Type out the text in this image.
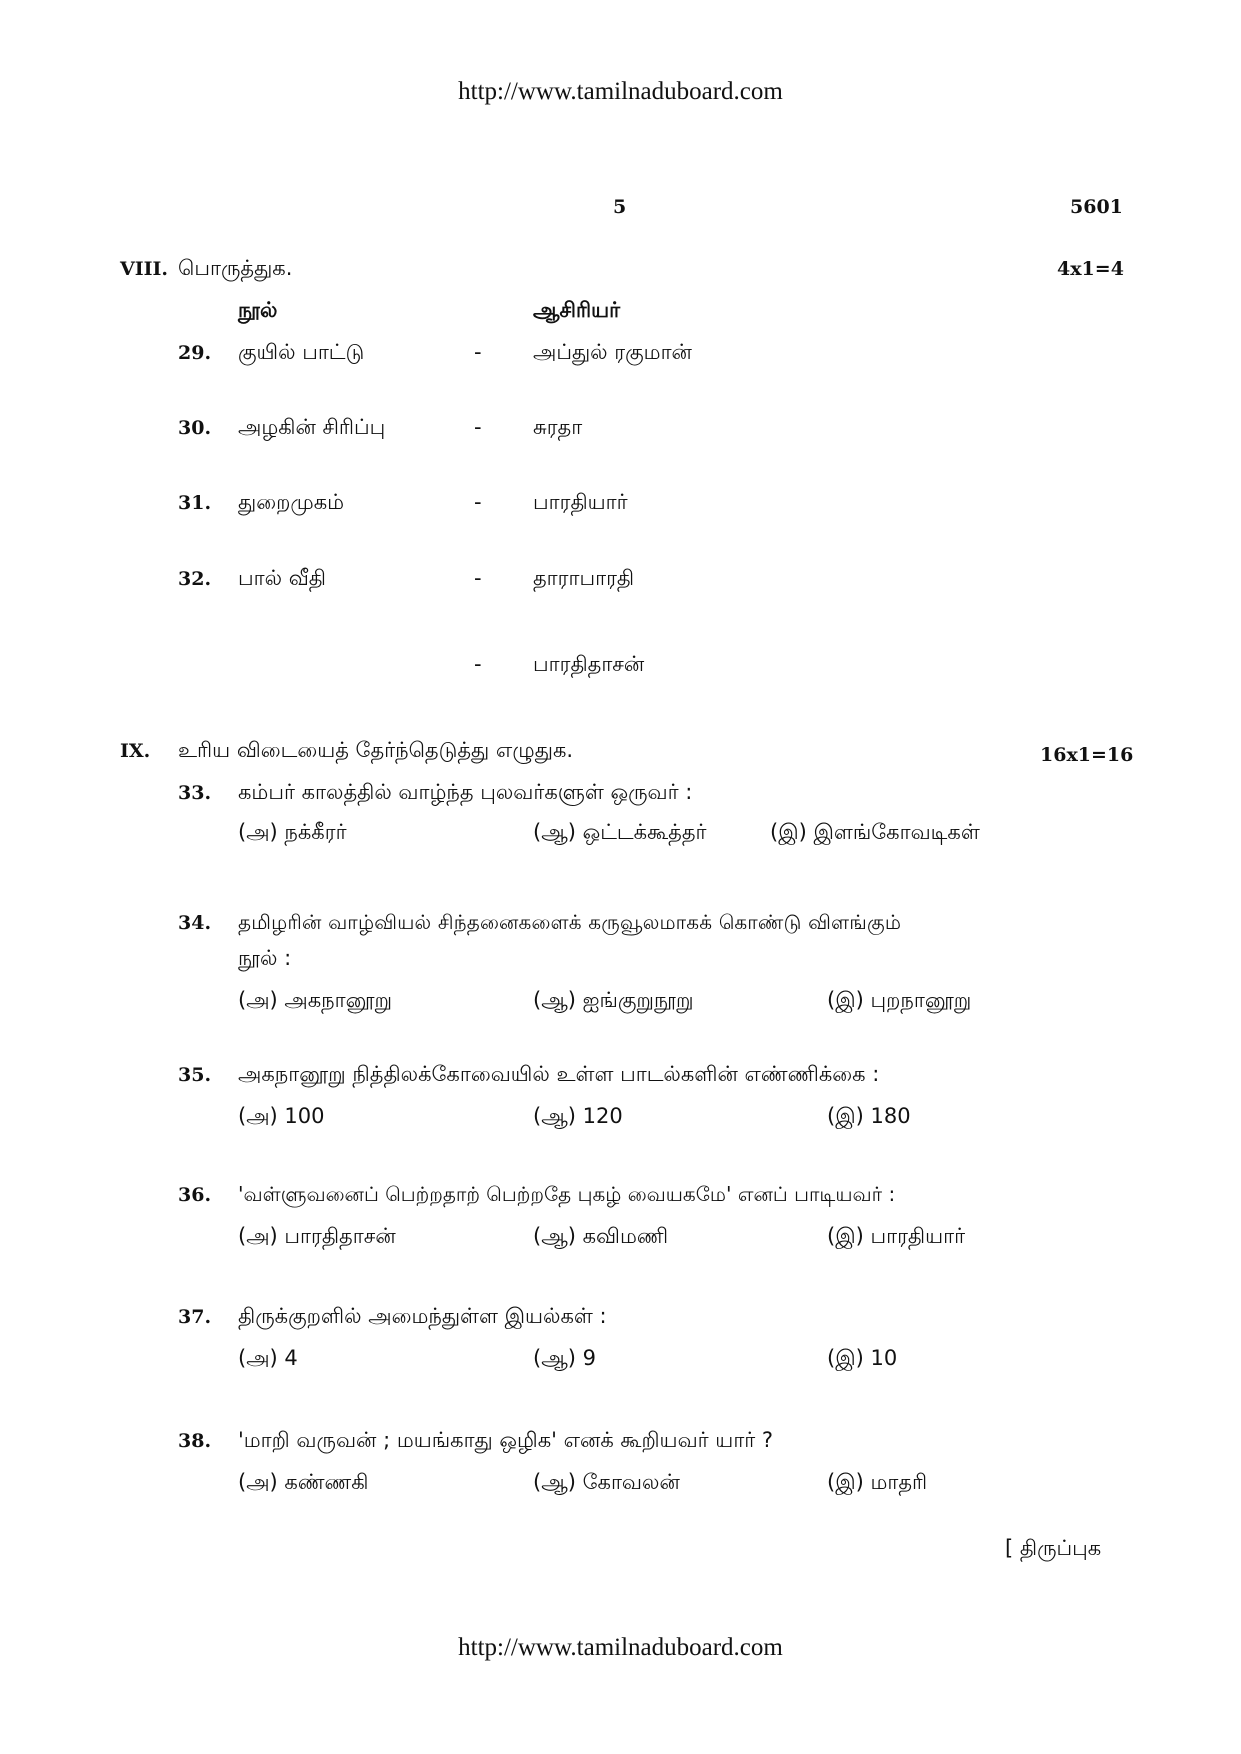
http://www.tamilnaduboard.com
5	5601
VIII. பொருத்துக.	4x1=4
நூல்	ஆசிரியர்
29. குயில் பாட்டு	- அப்துல் ரகுமான்
30. அழகின் சிரிப்பு	- சுரதா
31. துறைமுகம்	- பாரதியார்
32. பால் வீதி	- தாராபாரதி
- பாரதிதாசன்
IX. உரிய விடையைத் தேர்ந்தெடுத்து எழுதுக.	16x1=16
33. கம்பர் காலத்தில் வாழ்ந்த புலவர்களுள் ஒருவர் :
(அ) நக்கீரர்	(ஆ) ஒட்டக்கூத்தர்	(இ) இளங்கோவடிகள்
34. தமிழரின் வாழ்வியல் சிந்தனைகளைக் கருவூலமாகக் கொண்டு விளங்கும்
நூல் :
(அ) அகநானூறு	(ஆ) ஐங்குறுநூறு	(இ) புறநானூறு
35. அகநானூறு நித்திலக்கோவையில் உள்ள பாடல்களின் எண்ணிக்கை :
(அ) 100	(ஆ) 120	(இ) 180
36. 'வள்ளுவனைப் பெற்றதாற் பெற்றதே புகழ் வையகமே' எனப் பாடியவர் :
(அ) பாரதிதாசன்	(ஆ) கவிமணி	(இ) பாரதியார்
37. திருக்குறளில் அமைந்துள்ள இயல்கள் :
(அ) 4	(ஆ) 9	(இ) 10
38. 'மாறி வருவன் ; மயங்காது ஒழிக' எனக் கூறியவர் யார் ?
(அ) கண்ணகி	(ஆ) கோவலன்	(இ) மாதரி
[ திருப்புக
http://www.tamilnaduboard.com
